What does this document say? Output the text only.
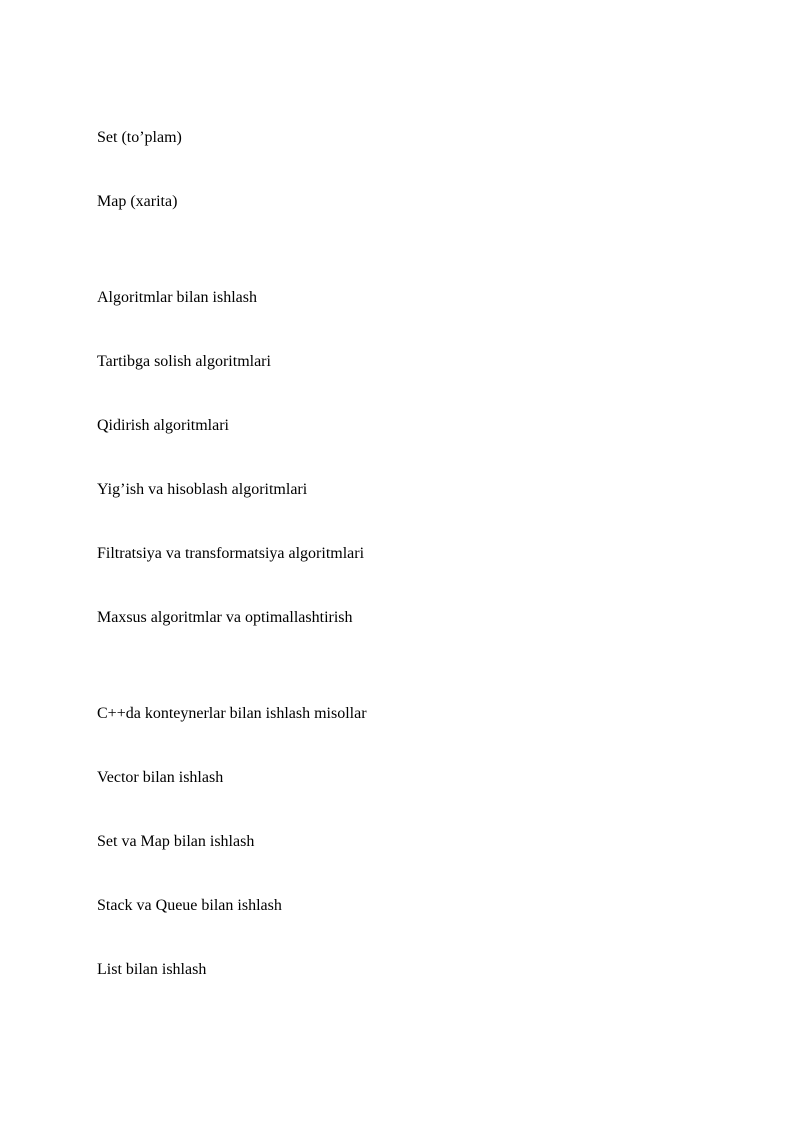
Set (to’plam)

Map (xarita)

Algoritmlar bilan ishlash

Tartibga solish algoritmlari

Qidirish algoritmlari

Yig’ish va hisoblash algoritmlari

Filtratsiya va transformatsiya algoritmlari

Maxsus algoritmlar va optimallashtirish

C++da konteynerlar bilan ishlash misollar

Vector bilan ishlash

Set va Map bilan ishlash

Stack va Queue bilan ishlash

List bilan ishlash
